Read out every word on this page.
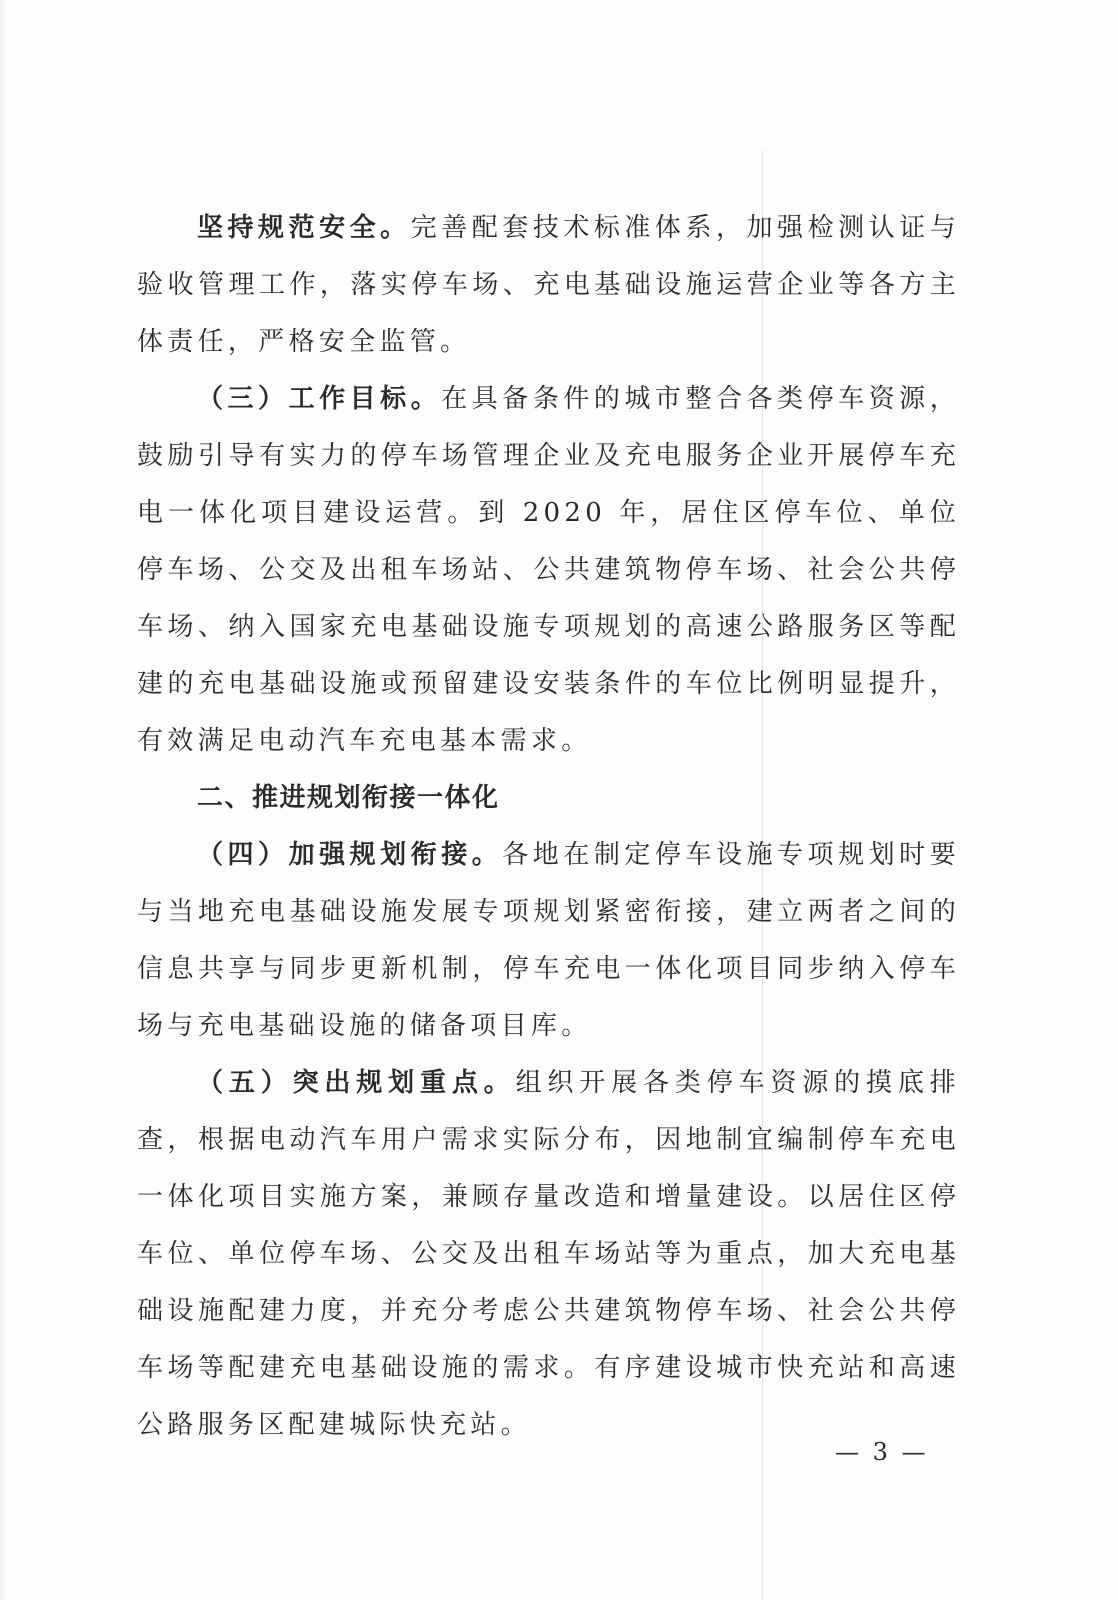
坚持规范安全。完善配套技术标准体系，加强检测认证与验收管理工作，落实停车场、充电基础设施运营企业等各方主体责任，严格安全监管。

（三）工作目标。在具备条件的城市整合各类停车资源，鼓励引导有实力的停车场管理企业及充电服务企业开展停车充电一体化项目建设运营。到 2020 年，居住区停车位、单位停车场、公交及出租车场站、公共建筑物停车场、社会公共停车场、纳入国家充电基础设施专项规划的高速公路服务区等配建的充电基础设施或预留建设安装条件的车位比例明显提升，有效满足电动汽车充电基本需求。

二、推进规划衔接一体化

（四）加强规划衔接。各地在制定停车设施专项规划时要与当地充电基础设施发展专项规划紧密衔接，建立两者之间的信息共享与同步更新机制，停车充电一体化项目同步纳入停车场与充电基础设施的储备项目库。

（五）突出规划重点。组织开展各类停车资源的摸底排查，根据电动汽车用户需求实际分布，因地制宜编制停车充电一体化项目实施方案，兼顾存量改造和增量建设。以居住区停车位、单位停车场、公交及出租车场站等为重点，加大充电基础设施配建力度，并充分考虑公共建筑物停车场、社会公共停车场等配建充电基础设施的需求。有序建设城市快充站和高速公路服务区配建城际快充站。

— 3 —
